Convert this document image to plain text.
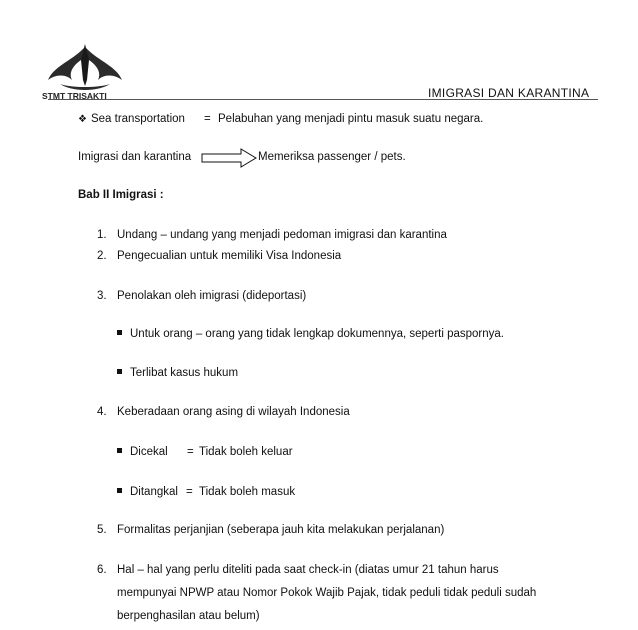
STMT TRISAKTI	IMIGRASI DAN KARANTINA
❖ Sea transportation = Pelabuhan yang menjadi pintu masuk suatu negara.
Imigrasi dan karantina	Memeriksa passenger / pets.
Bab II Imigrasi :
1. Undang – undang yang menjadi pedoman imigrasi dan karantina
2. Pengecualian untuk memiliki Visa Indonesia
3. Penolakan oleh imigrasi (dideportasi)
Untuk orang – orang yang tidak lengkap dokumennya, seperti paspornya.
Terlibat kasus hukum
4. Keberadaan orang asing di wilayah Indonesia
Dicekal = Tidak boleh keluar
Ditangkal = Tidak boleh masuk
5. Formalitas perjanjian (seberapa jauh kita melakukan perjalanan)
6. Hal – hal yang perlu diteliti pada saat check-in (diatas umur 21 tahun harus
mempunyai NPWP atau Nomor Pokok Wajib Pajak, tidak peduli tidak peduli sudah
berpenghasilan atau belum)
